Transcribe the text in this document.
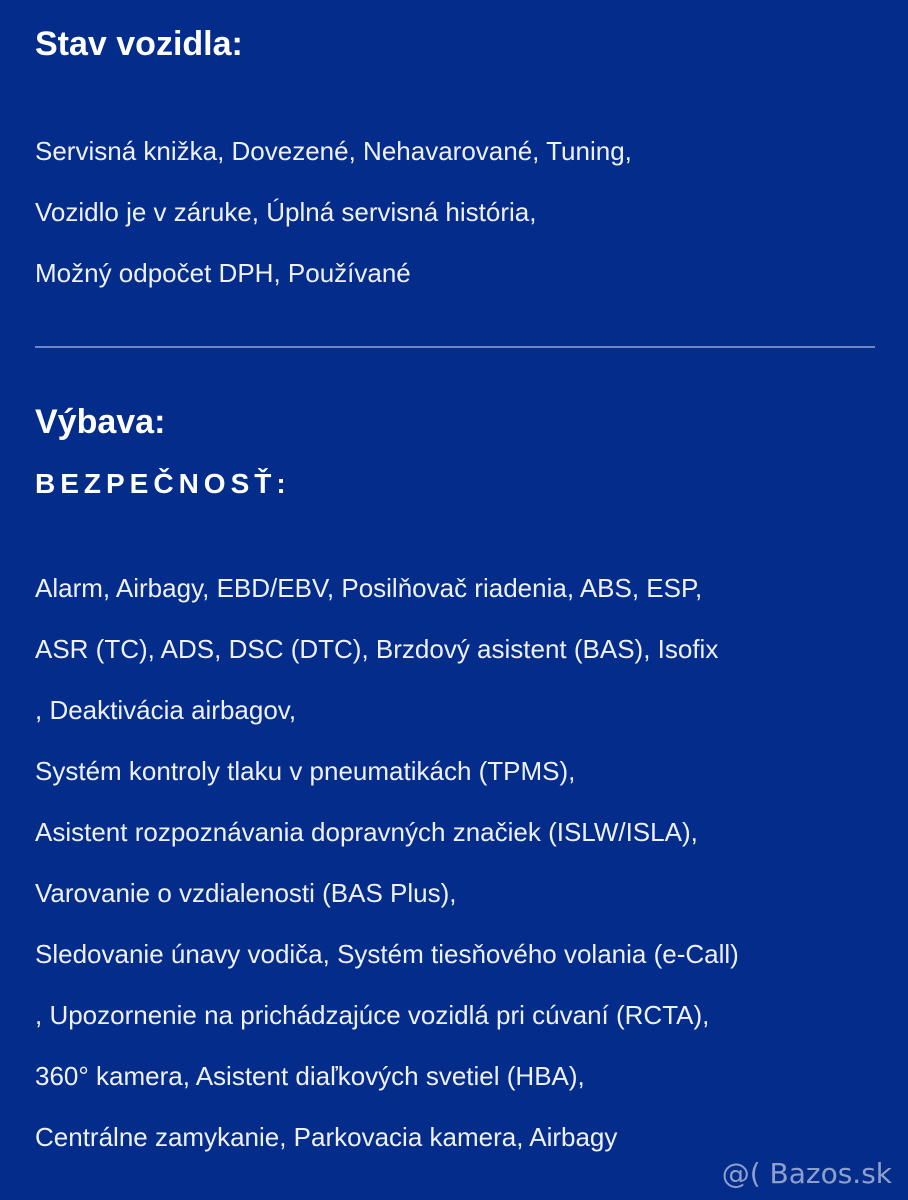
Stav vozidla:
Servisná knižka, Dovezené, Nehavarované, Tuning,
Vozidlo je v záruke, Úplná servisná história,
Možný odpočet DPH, Používané
Výbava:
BEZPEČNOSŤ:
Alarm, Airbagy, EBD/EBV, Posilňovač riadenia, ABS, ESP,
ASR (TC), ADS, DSC (DTC), Brzdový asistent (BAS), Isofix
, Deaktivácia airbagov,
Systém kontroly tlaku v pneumatikách (TPMS),
Asistent rozpoznávania dopravných značiek (ISLW/ISLA),
Varovanie o vzdialenosti (BAS Plus),
Sledovanie únavy vodiča, Systém tiesňového volania (e-Call)
, Upozornenie na prichádzajúce vozidlá pri cúvaní (RCTA),
360° kamera, Asistent diaľkových svetiel (HBA),
Centrálne zamykanie, Parkovacia kamera, Airbagy
@( Bazos.sk
